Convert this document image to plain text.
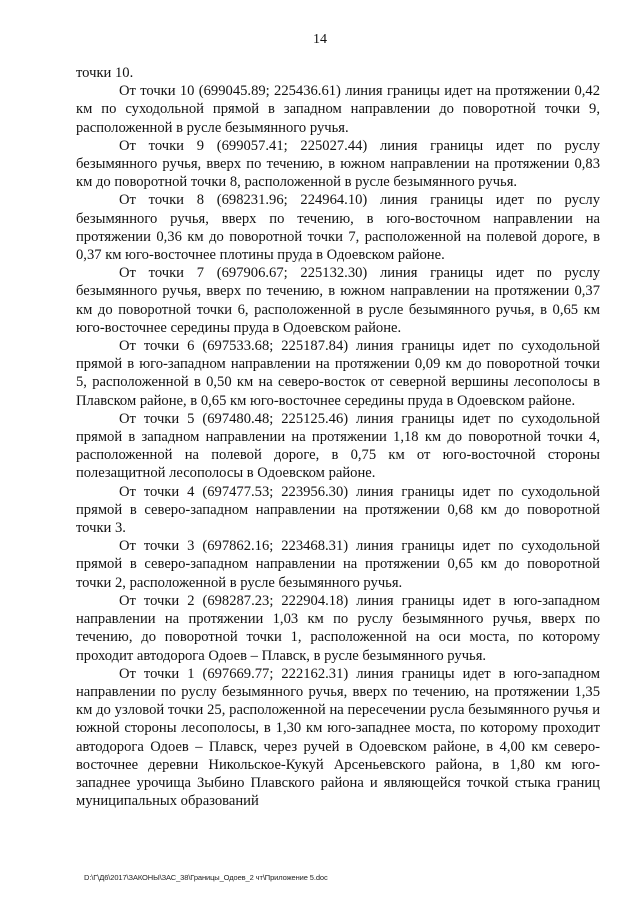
14

точки 10.

От точки 10 (699045.89; 225436.61) линия границы идет на протяжении 0,42 км по суходольной прямой в западном направлении до поворотной точки 9, расположенной в русле безымянного ручья.

От точки 9 (699057.41; 225027.44) линия границы идет по руслу безымянного ручья, вверх по течению, в южном направлении на протяжении 0,83 км до поворотной точки 8, расположенной в русле безымянного ручья.

От точки 8 (698231.96; 224964.10) линия границы идет по руслу безымянного ручья, вверх по течению, в юго-восточном направлении на протяжении 0,36 км до поворотной точки 7, расположенной на полевой дороге, в 0,37 км юго-восточнее плотины пруда в Одоевском районе.

От точки 7 (697906.67; 225132.30) линия границы идет по руслу безымянного ручья, вверх по течению, в южном направлении на протяжении 0,37 км до поворотной точки 6, расположенной в русле безымянного ручья, в 0,65 км юго-восточнее середины пруда в Одоевском районе.

От точки 6 (697533.68; 225187.84) линия границы идет по суходольной прямой в юго-западном направлении на протяжении 0,09 км до поворотной точки 5, расположенной в 0,50 км на северо-восток от северной вершины лесополосы в Плавском районе, в 0,65 км юго-восточнее середины пруда в Одоевском районе.

От точки 5 (697480.48; 225125.46) линия границы идет по суходольной прямой в западном направлении на протяжении 1,18 км до поворотной точки 4, расположенной на полевой дороге, в 0,75 км от юго-восточной стороны полезащитной лесополосы в Одоевском районе.

От точки 4 (697477.53; 223956.30) линия границы идет по суходольной прямой в северо-западном направлении на протяжении 0,68 км до поворотной точки 3.

От точки 3 (697862.16; 223468.31) линия границы идет по суходольной прямой в северо-западном направлении на протяжении 0,65 км до поворотной точки 2, расположенной в русле безымянного ручья.

От точки 2 (698287.23; 222904.18) линия границы идет в юго-западном направлении на протяжении 1,03 км по руслу безымянного ручья, вверх по течению, до поворотной точки 1, расположенной на оси моста, по которому проходит автодорога Одоев – Плавск, в русле безымянного ручья.

От точки 1 (697669.77; 222162.31) линия границы идет в юго-западном направлении по руслу безымянного ручья, вверх по течению, на протяжении 1,35 км до узловой точки 25, расположенной на пересечении русла безымянного ручья и южной стороны лесополосы, в 1,30 км юго-западнее моста, по которому проходит автодорога Одоев – Плавск, через ручей в Одоевском районе, в 4,00 км северо-восточнее деревни Никольское-Кукуй Арсеньевского района, в 1,80 км юго-западнее урочища Зыбино Плавского района и являющейся точкой стыка границ муниципальных образований

D:\Г\Д6\2017\ЗАКОНЫ\ЗАС_38\Границы_Одоев_2 чт\Приложение 5.doc
